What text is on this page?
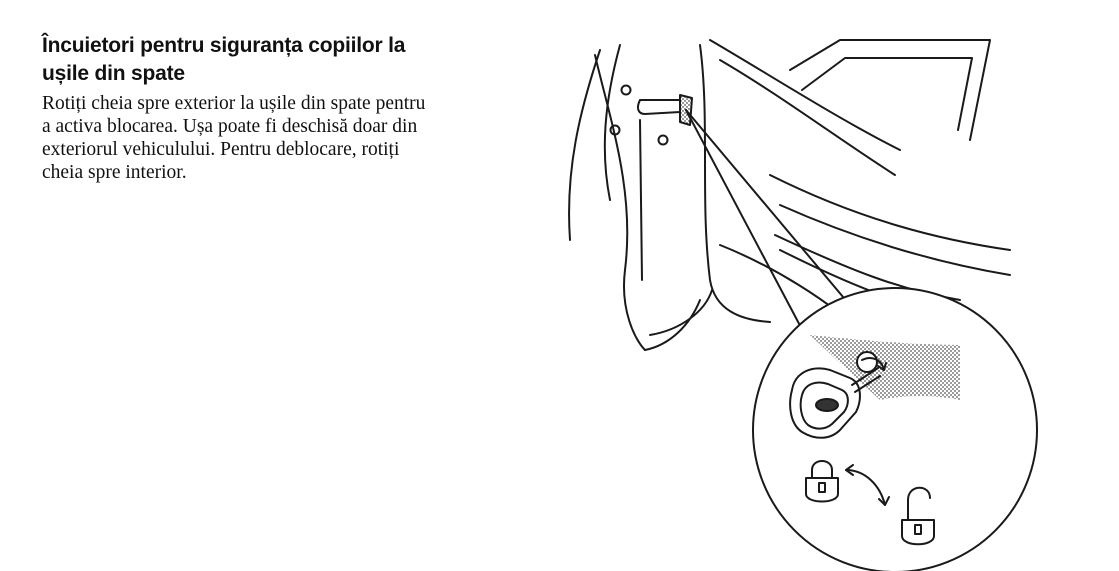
Încuietori pentru siguranța copiilor la
ușile din spate

Rotiți cheia spre exterior la ușile din spate pentru
a activa blocarea. Ușa poate fi deschisă doar din
exteriorul vehiculului. Pentru deblocare, rotiți
cheia spre interior.
